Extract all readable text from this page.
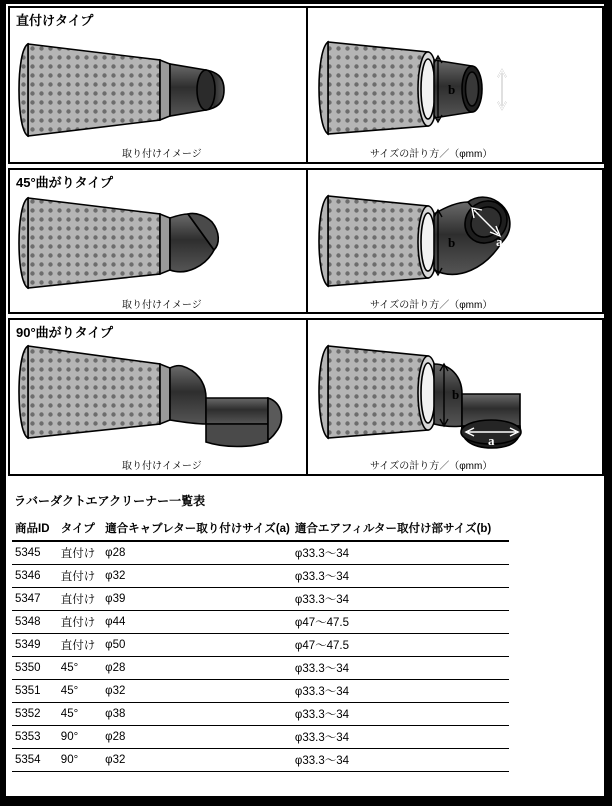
直付けタイプ
b	a
取り付けイメージ	サイズの計り方／（φmm）
45°曲がりタイプ
b	a
取り付けイメージ	サイズの計り方／（φmm）
90°曲がりタイプ
b
a
取り付けイメージ	サイズの計り方／（φmm）
ラバーダクトエアクリーナー一覧表
商品ID	タイプ	適合キャブレター取り付けサイズ(a)	適合エアフィルター取付け部サイズ(b)
5345	直付け	φ28	φ33.3〜34
5346	直付け	φ32	φ33.3〜34
5347	直付け	φ39	φ33.3〜34
5348	直付け	φ44	φ47〜47.5
5349	直付け	φ50	φ47〜47.5
5350	45°	φ28	φ33.3〜34
5351	45°	φ32	φ33.3〜34
5352	45°	φ38	φ33.3〜34
5353	90°	φ28	φ33.3〜34
5354	90°	φ32	φ33.3〜34
